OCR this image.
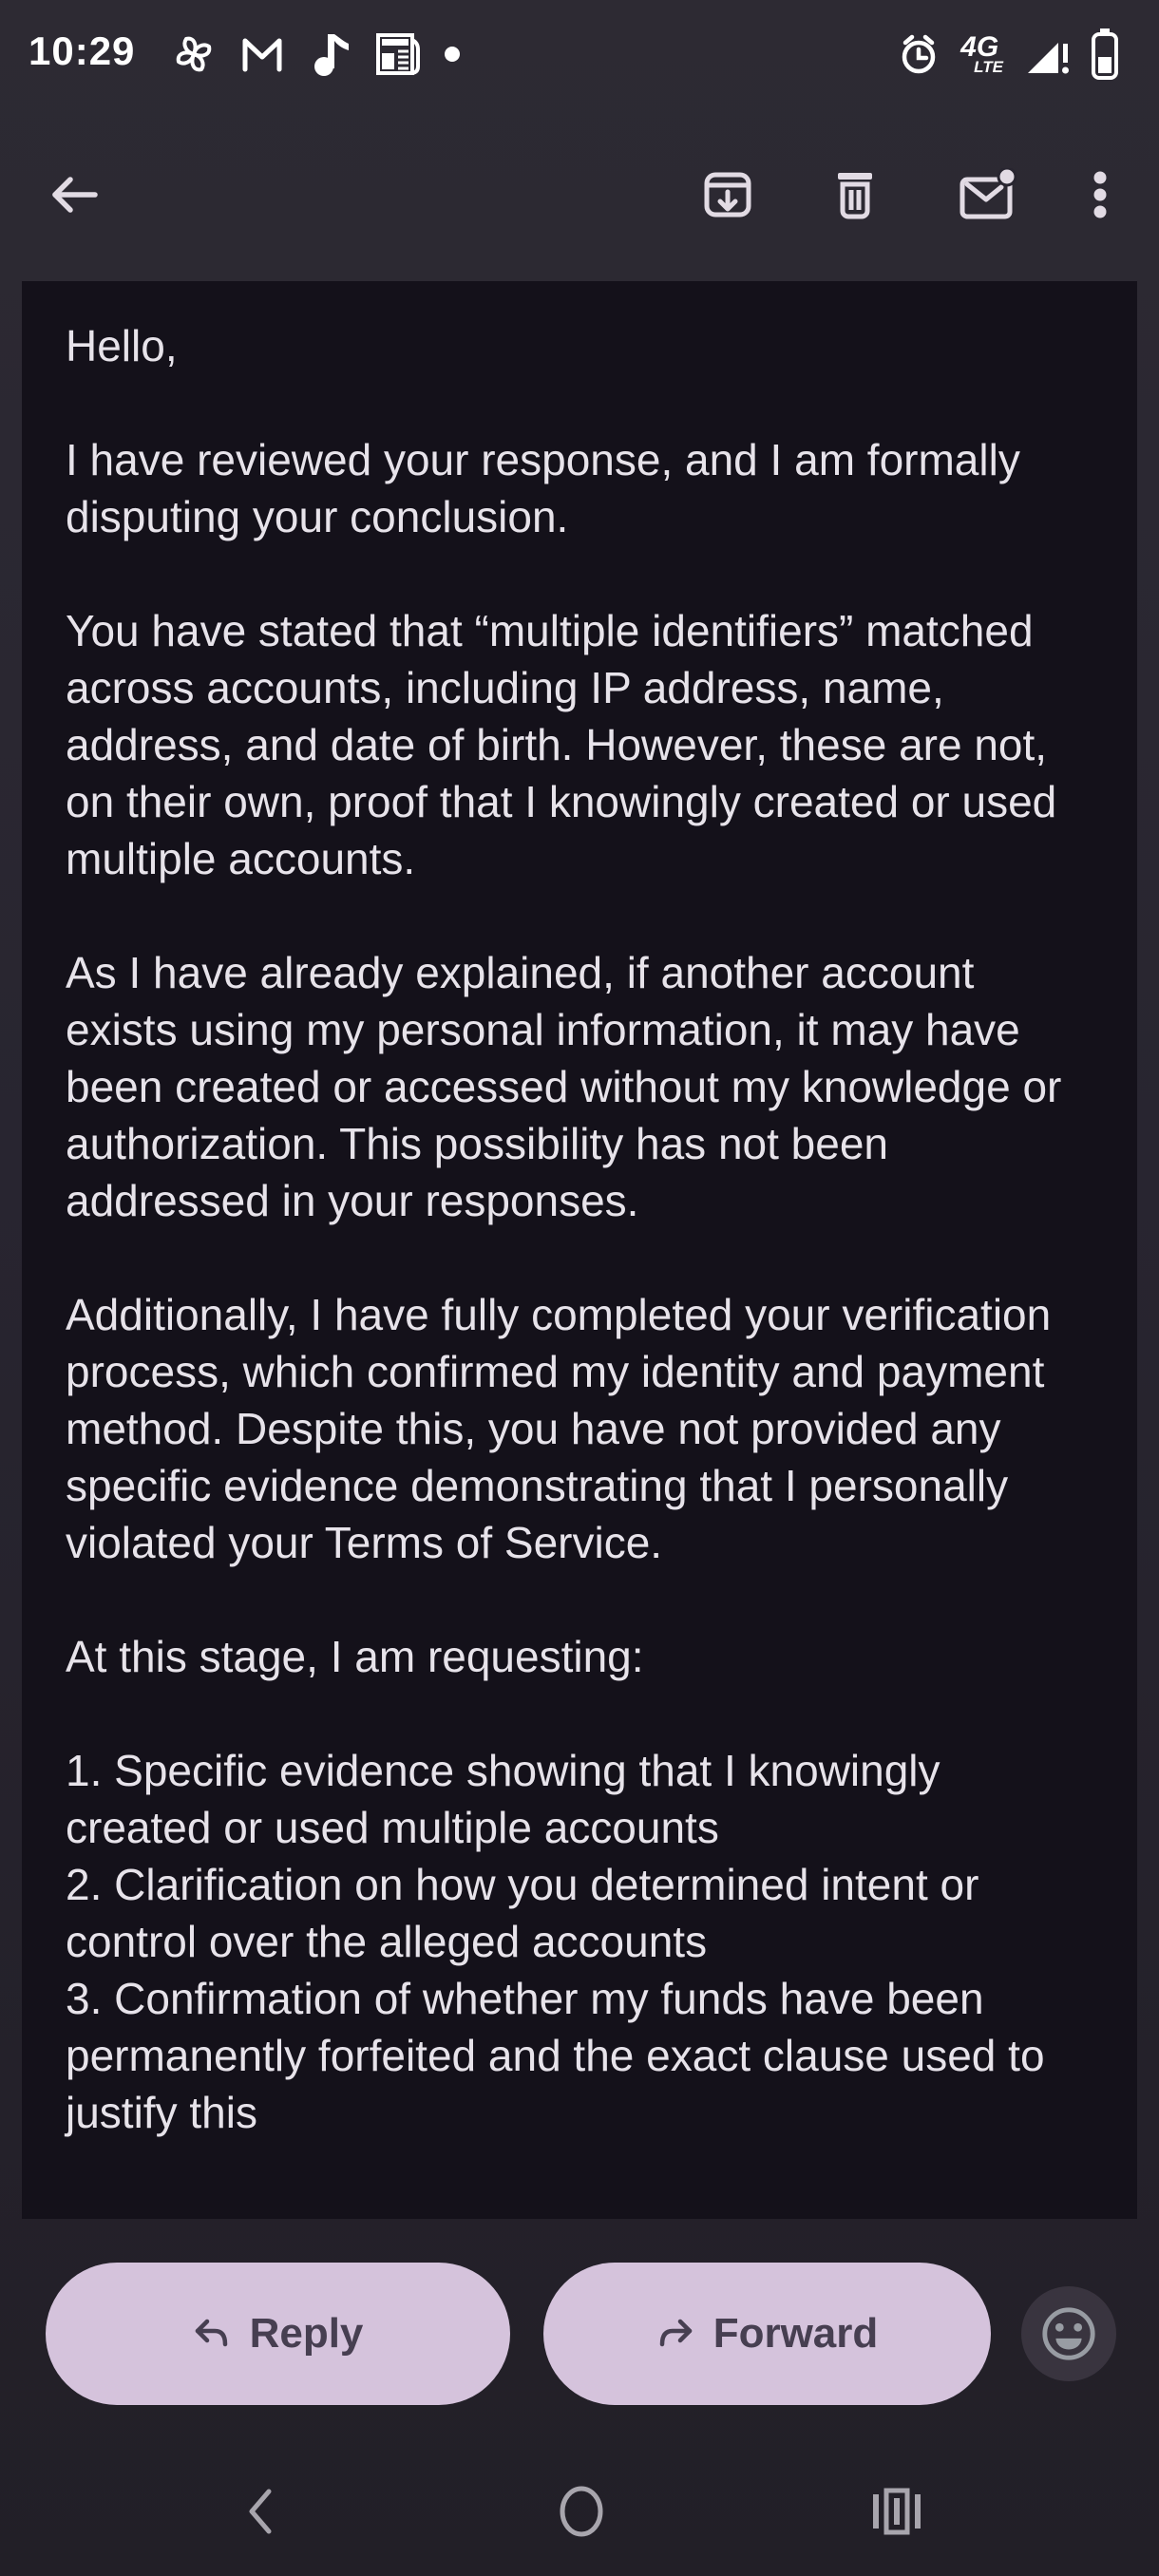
10:29	4G
LTE

Hello,

I have reviewed your response, and I am formally disputing your conclusion.

You have stated that “multiple identifiers” matched across accounts, including IP address, name, address, and date of birth. However, these are not, on their own, proof that I knowingly created or used multiple accounts.

As I have already explained, if another account exists using my personal information, it may have been created or accessed without my knowledge or authorization. This possibility has not been addressed in your responses.

Additionally, I have fully completed your verification process, which confirmed my identity and payment method. Despite this, you have not provided any specific evidence demonstrating that I personally violated your Terms of Service.

At this stage, I am requesting:

1. Specific evidence showing that I knowingly created or used multiple accounts
2. Clarification on how you determined intent or control over the alleged accounts
3. Confirmation of whether my funds have been permanently forfeited and the exact clause used to justify this
Reply	Forward
